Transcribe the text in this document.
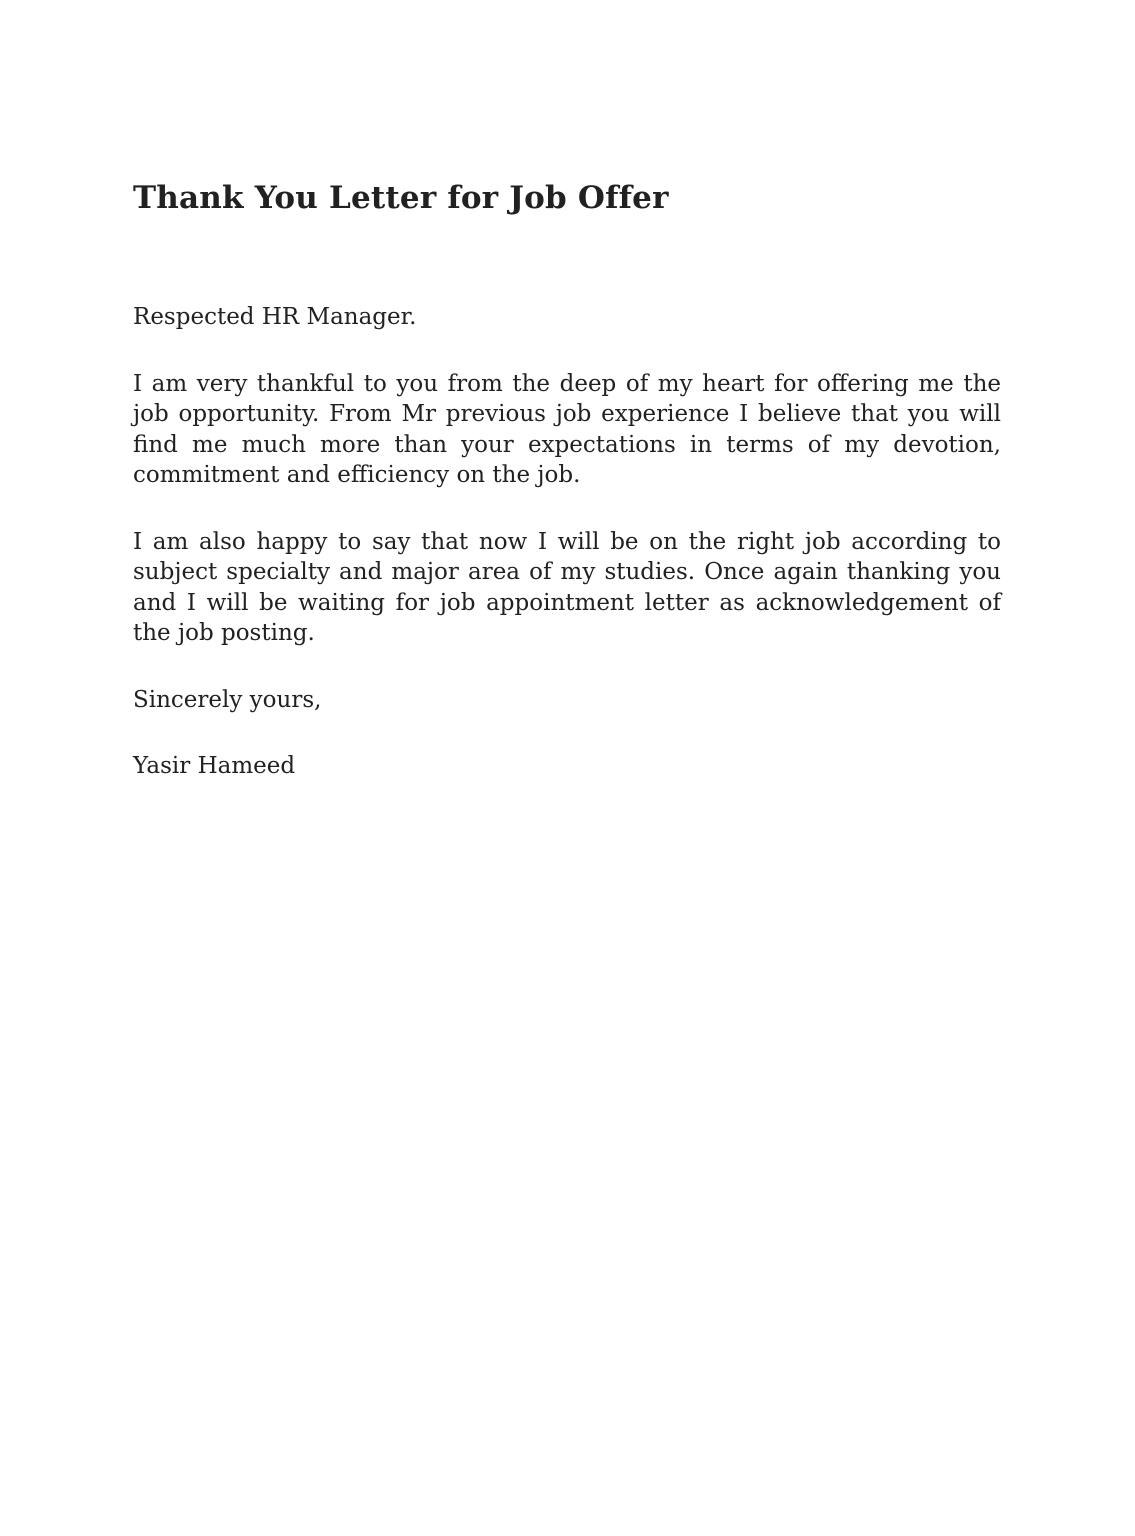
Thank You Letter for Job Offer

Respected HR Manager.

I am very thankful to you from the deep of my heart for offering me the job opportunity. From Mr previous job experience I believe that you will find me much more than your expectations in terms of my devotion, commitment and efficiency on the job.

I am also happy to say that now I will be on the right job according to subject specialty and major area of my studies. Once again thanking you and I will be waiting for job appointment letter as acknowledgement of the job posting.

Sincerely yours,

Yasir Hameed
